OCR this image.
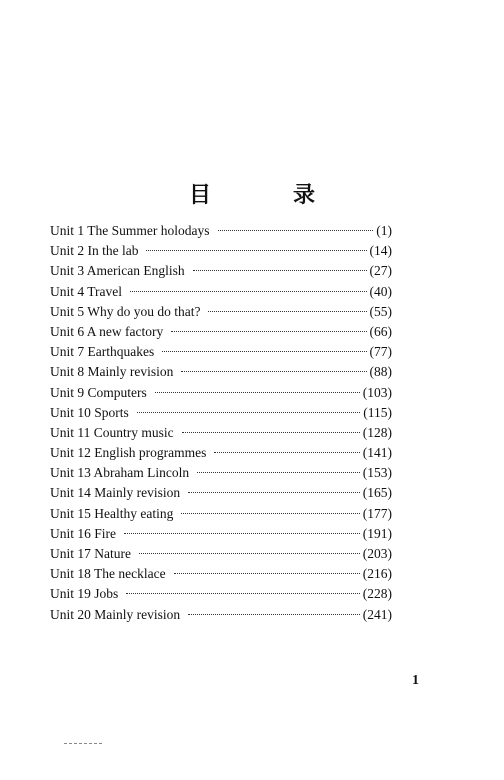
目　录
Unit 1 The Summer holodays	(1)
Unit 2 In the lab	(14)
Unit 3 American English	(27)
Unit 4 Travel	(40)
Unit 5 Why do you do that?	(55)
Unit 6 A new factory	(66)
Unit 7 Earthquakes	(77)
Unit 8 Mainly revision	(88)
Unit 9 Computers	(103)
Unit 10 Sports	(115)
Unit 11 Country music	(128)
Unit 12 English programmes	(141)
Unit 13 Abraham Lincoln	(153)
Unit 14 Mainly revision	(165)
Unit 15 Healthy eating	(177)
Unit 16 Fire	(191)
Unit 17 Nature	(203)
Unit 18 The necklace	(216)
Unit 19 Jobs	(228)
Unit 20 Mainly revision	(241)
1
